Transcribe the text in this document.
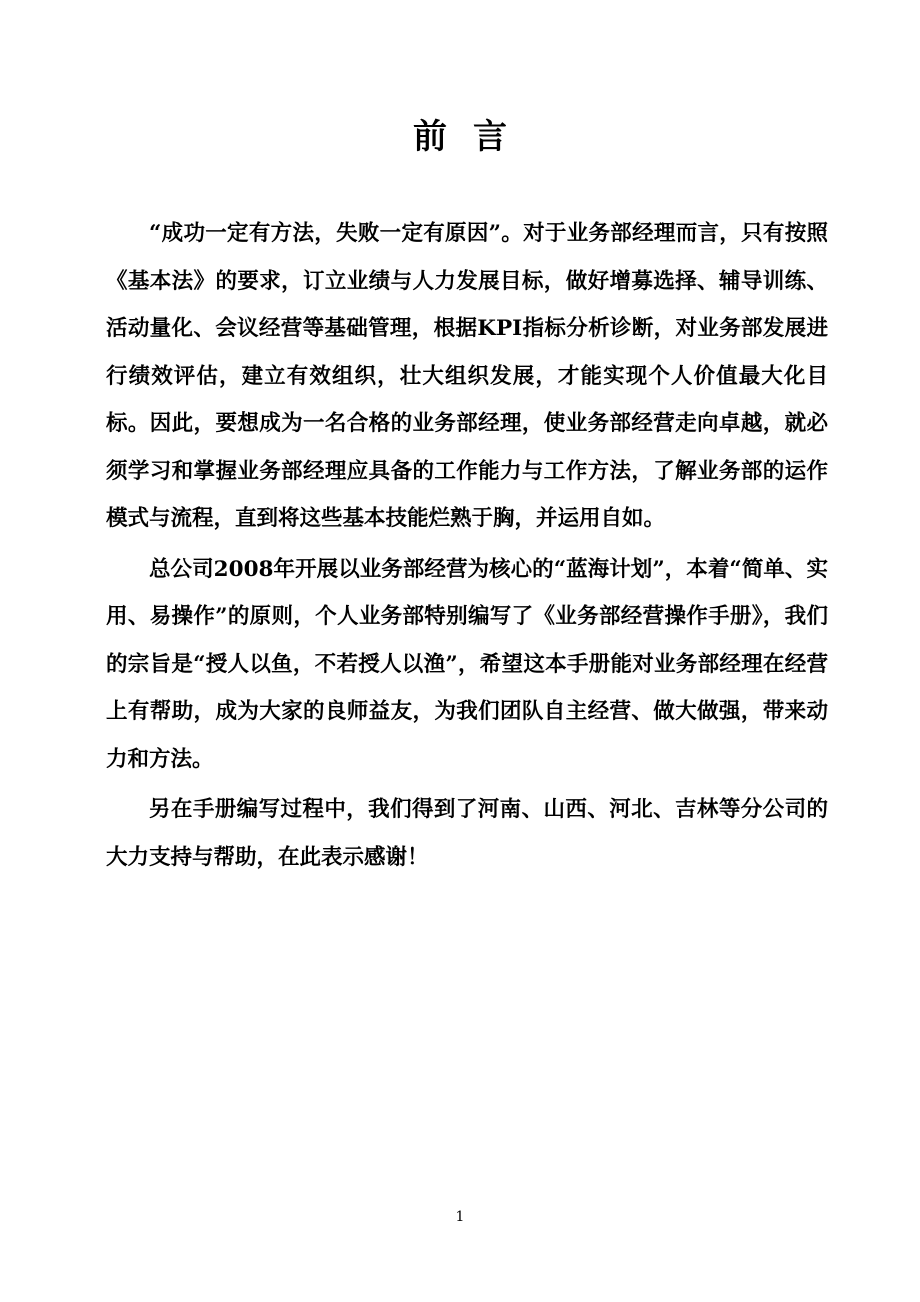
前言

“成功一定有方法，失败一定有原因”。对于业务部经理而言，只有按照《基本法》的要求，订立业绩与人力发展目标，做好增募选择、辅导训练、活动量化、会议经营等基础管理，根据KPI指标分析诊断，对业务部发展进行绩效评估，建立有效组织，壮大组织发展，才能实现个人价值最大化目标。因此，要想成为一名合格的业务部经理，使业务部经营走向卓越，就必须学习和掌握业务部经理应具备的工作能力与工作方法，了解业务部的运作模式与流程，直到将这些基本技能烂熟于胸，并运用自如。

总公司2008年开展以业务部经营为核心的“蓝海计划”，本着“简单、实用、易操作”的原则，个人业务部特别编写了《业务部经营操作手册》，我们的宗旨是“授人以鱼，不若授人以渔”，希望这本手册能对业务部经理在经营上有帮助，成为大家的良师益友，为我们团队自主经营、做大做强，带来动力和方法。

另在手册编写过程中，我们得到了河南、山西、河北、吉林等分公司的大力支持与帮助，在此表示感谢！

1
